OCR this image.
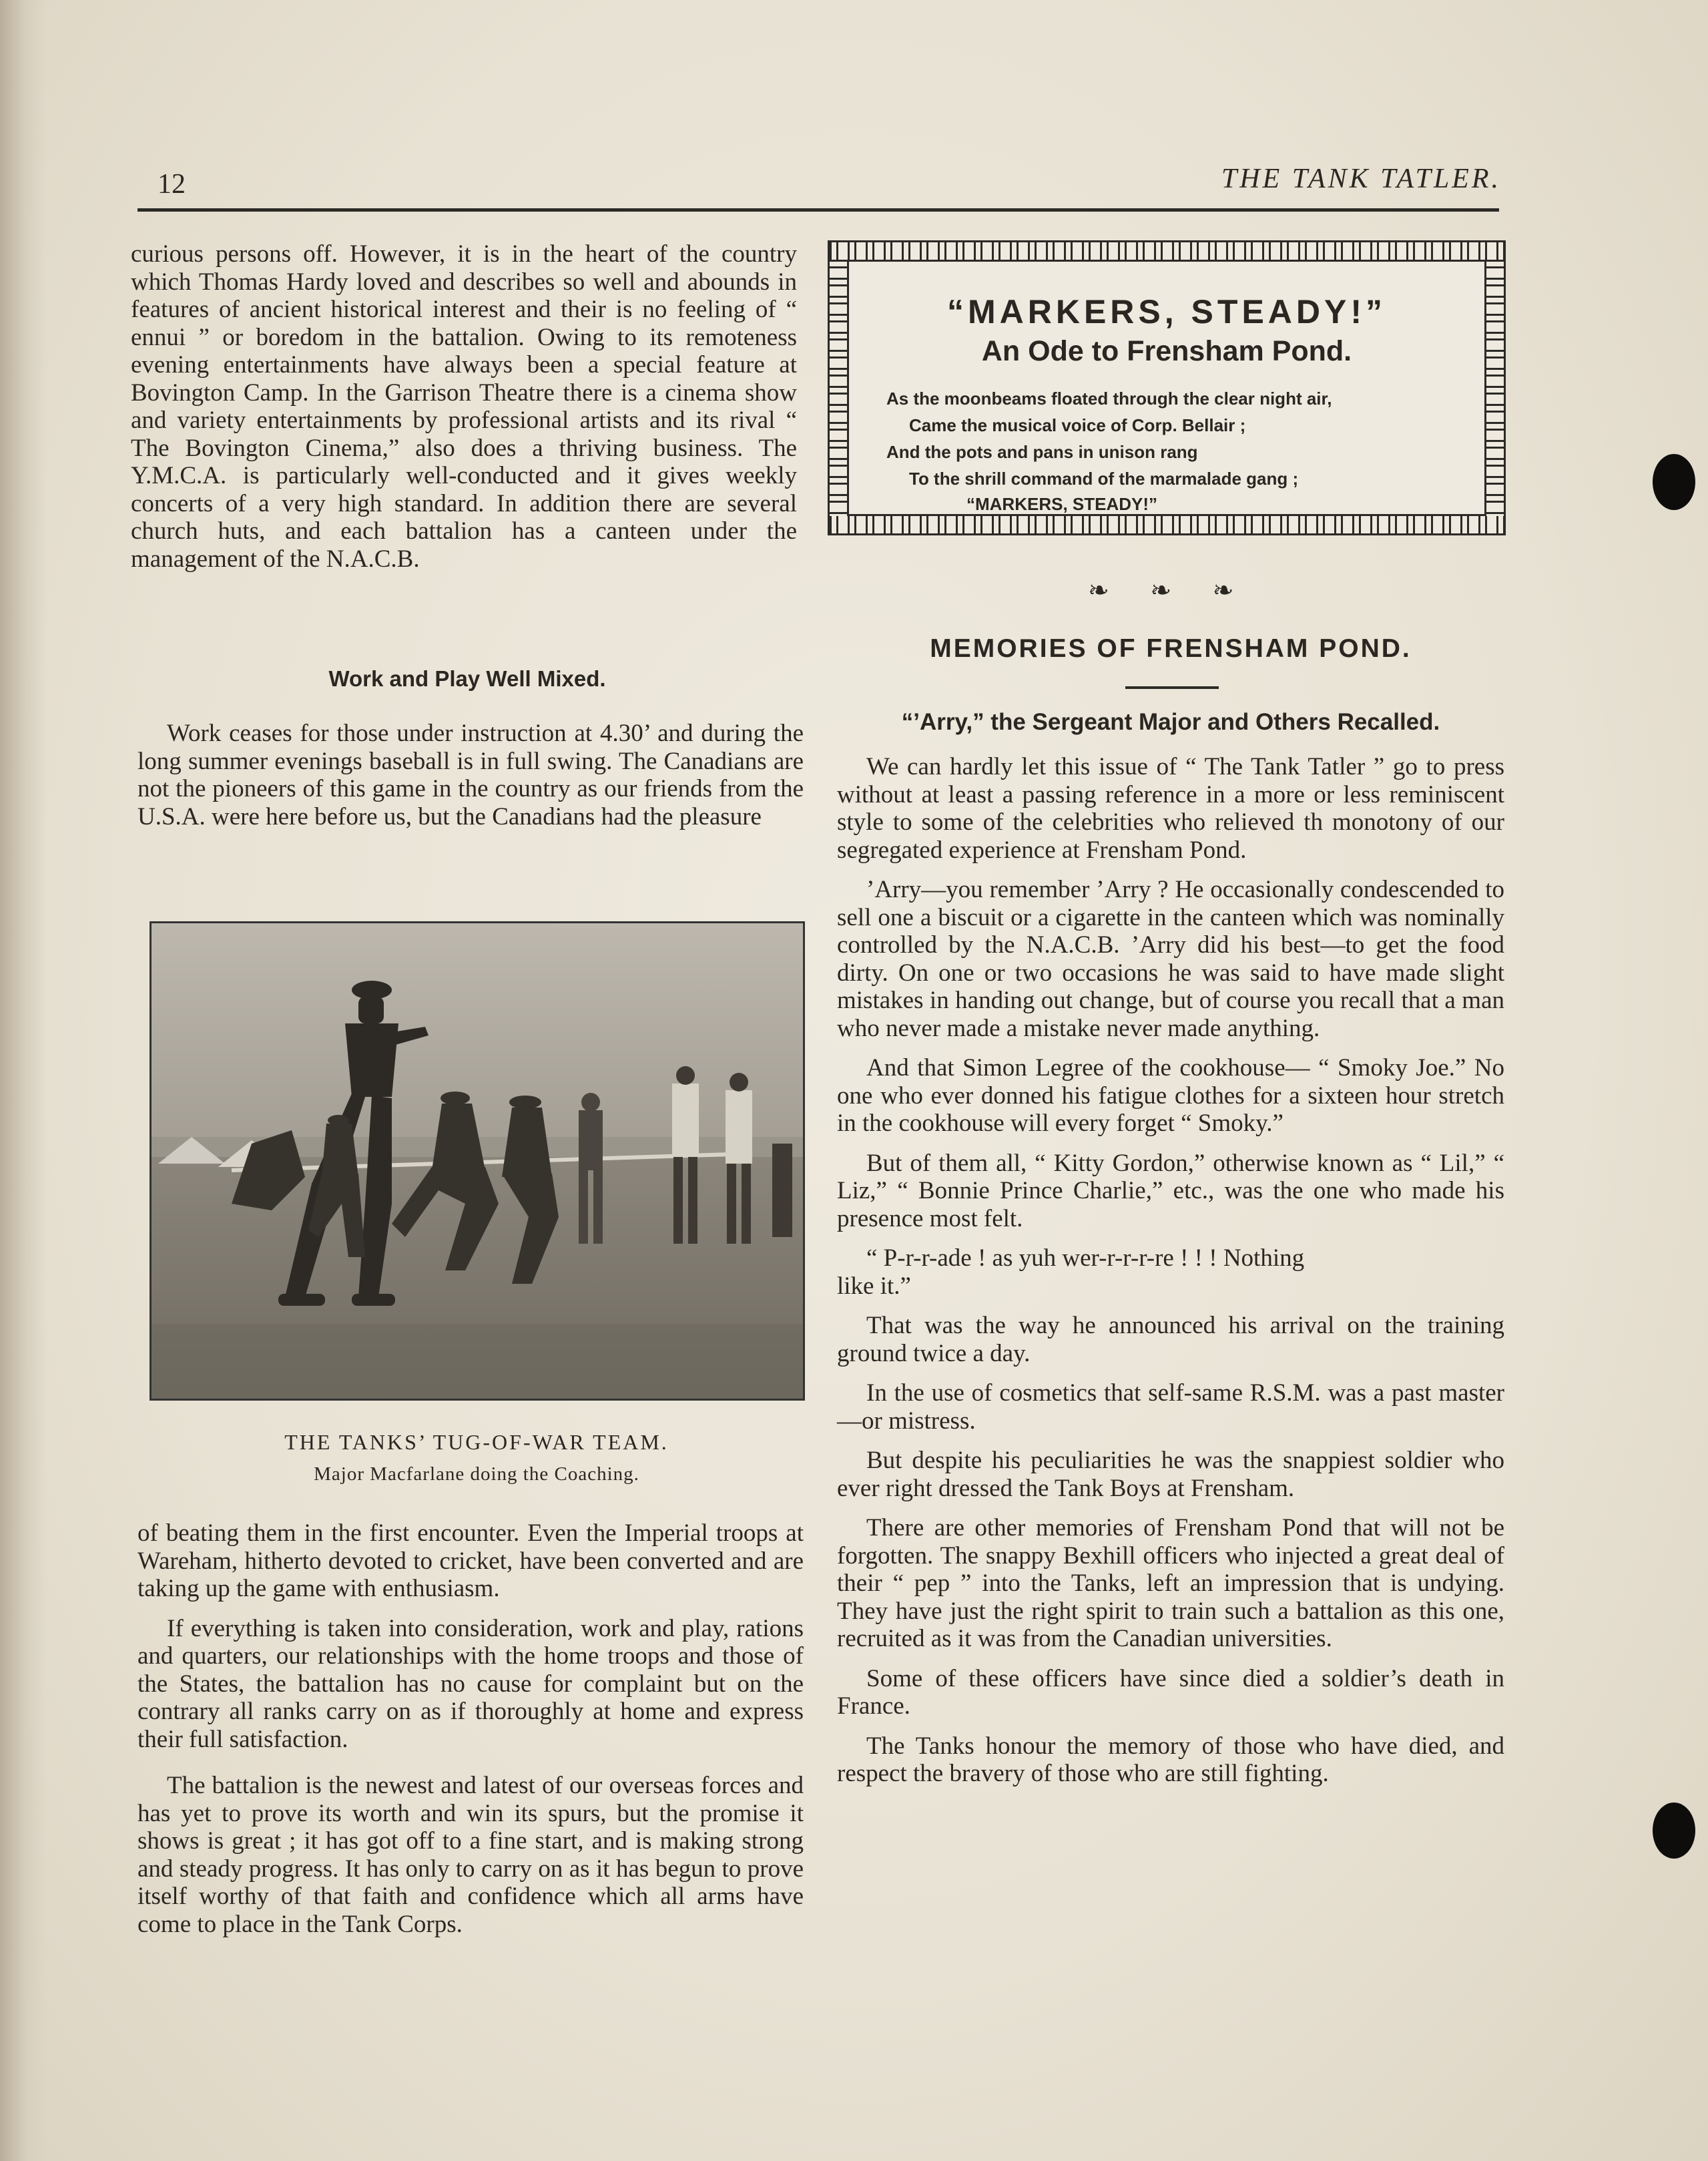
12	THE TANK TATLER.

curious persons off. However, it is in the heart of the country which Thomas Hardy loved and describes so well and abounds in features of ancient historical interest and their is no feeling of “ ennui ” or boredom in the battalion. Owing to its remoteness evening entertainments have always been a special feature at Bovington Camp. In the Garrison Theatre there is a cinema show and variety entertainments by professional artists and its rival “ The Bovington Cinema,” also does a thriving business. The Y.M.C.A. is particularly well-conducted and it gives weekly concerts of a very high standard. In addition there are several church huts, and each battalion has a canteen under the management of the N.A.C.B.

Work and Play Well Mixed.

Work ceases for those under instruction at 4.30’ and during the long summer evenings baseball is in full swing. The Canadians are not the pioneers of this game in the country as our friends from the U.S.A. were here before us, but the Canadians had the pleasure

THE TANKS’ TUG-OF-WAR TEAM.
Major Macfarlane doing the Coaching.

of beating them in the first encounter. Even the Imperial troops at Wareham, hitherto devoted to cricket, have been converted and are taking up the game with enthusiasm.

If everything is taken into consideration, work and play, rations and quarters, our relationships with the home troops and those of the States, the battalion has no cause for complaint but on the contrary all ranks carry on as if thoroughly at home and express their full satisfaction.

The battalion is the newest and latest of our overseas forces and has yet to prove its worth and win its spurs, but the promise it shows is great ; it has got off to a fine start, and is making strong and steady progress. It has only to carry on as it has begun to prove itself worthy of that faith and confidence which all arms have come to place in the Tank Corps.

“MARKERS, STEADY!”
An Ode to Frensham Pond.
As the moonbeams floated through the clear night air,
Came the musical voice of Corp. Bellair ;
And the pots and pans in unison rang
To the shrill command of the marmalade gang ;
“MARKERS, STEADY!”
❧ ❧ ❧
MEMORIES OF FRENSHAM POND.
“’Arry,” the Sergeant Major and Others Recalled.

We can hardly let this issue of “ The Tank Tatler ” go to press without at least a passing reference in a more or less reminiscent style to some of the celebrities who relieved th monotony of our segregated experience at Frensham Pond.

’Arry—you remember ’Arry ? He occasionally condescended to sell one a biscuit or a cigarette in the canteen which was nominally controlled by the N.A.C.B. ’Arry did his best—to get the food dirty. On one or two occasions he was said to have made slight mistakes in handing out change, but of course you recall that a man who never made a mistake never made anything.

And that Simon Legree of the cookhouse— “ Smoky Joe.” No one who ever donned his fatigue clothes for a sixteen hour stretch in the cookhouse will every forget “ Smoky.”

But of them all, “ Kitty Gordon,” otherwise known as “ Lil,” “ Liz,” “ Bonnie Prince Charlie,” etc., was the one who made his presence most felt.

“ P-r-r-ade ! as yuh wer-r-r-r-re ! ! ! Nothing

like it.”

That was the way he announced his arrival on the training ground twice a day.

In the use of cosmetics that self-same R.S.M. was a past master—or mistress.

But despite his peculiarities he was the snappiest soldier who ever right dressed the Tank Boys at Frensham.

There are other memories of Frensham Pond that will not be forgotten. The snappy Bexhill officers who injected a great deal of their “ pep ” into the Tanks, left an impression that is undying. They have just the right spirit to train such a battalion as this one, recruited as it was from the Canadian universities.

Some of these officers have since died a soldier’s death in France.

The Tanks honour the memory of those who have died, and respect the bravery of those who are still fighting.
